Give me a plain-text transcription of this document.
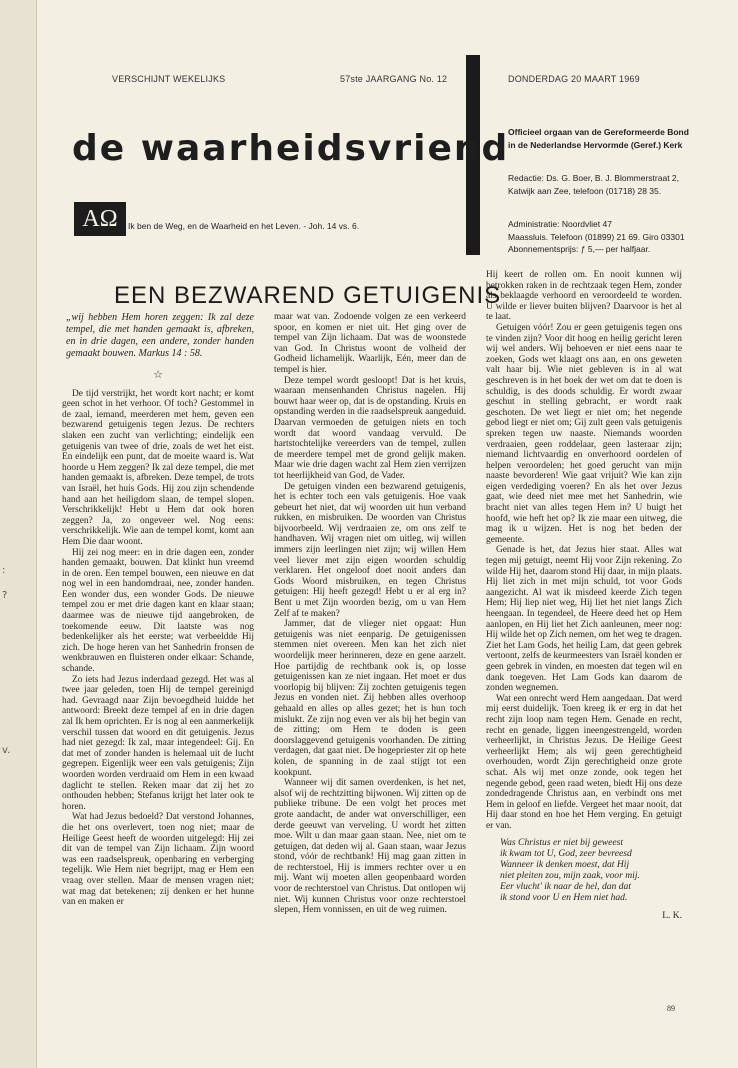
:
?
v.
VERSCHIJNT WEKELIJKS	57ste JAARGANG No. 12	DONDERDAG 20 MAART 1969
de waarheidsvriend
AΩ	Ik ben de Weg, en de Waarheid en het Leven. - Joh. 14 vs. 6.
Officieel orgaan van de Gereformeerde Bond
in de Nederlandse Hervormde (Geref.) Kerk
Redactie: Ds. G. Boer, B. J. Blommerstraat 2,
Katwijk aan Zee, telefoon (01718) 28 35.
Administratie: Noordvliet 47
Maassluis. Telefoon (01899) 21 69. Giro 03301
Abonnementsprijs: ƒ 5,— per halfjaar.
EEN BEZWAREND GETUIGENIS
„wij hebben Hem horen zeggen: Ik zal deze tempel, die met handen gemaakt is, afbreken, en in drie dagen, een andere, zonder handen gemaakt bouwen. Markus 14 : 58.
☆

De tijd verstrijkt, het wordt kort nacht; er komt geen schot in het verhoor. Of toch? Gestommel in de zaal, iemand, meerderen met hem, geven een bezwarend getuigenis tegen Jezus. De rechters slaken een zucht van verlichting; eindelijk een getuigenis van twee of drie, zoals de wet het eist. En eindelijk een punt, dat de moeite waard is. Wat hoorde u Hem zeggen? Ik zal deze tempel, die met handen gemaakt is, afbreken. Deze tempel, de trots van Israël, het huis Gods. Hij zou zijn schendende hand aan het heiligdom slaan, de tempel slopen. Verschrikkelijk! Hebt u Hem dat ook horen zeggen? Ja, zo ongeveer wel. Nog eens: verschrikkelijk. Wie aan de tempel komt, komt aan Hem Die daar woont.

Hij zei nog meer: en in drie dagen een, zonder handen gemaakt, bouwen. Dat klinkt hun vreemd in de oren. Een tempel bouwen, een nieuwe en dat nog wel in een handomdraai, nee, zonder handen. Een wonder dus, een wonder Gods. De nieuwe tempel zou er met drie dagen kant en klaar staan; daarmee was de nieuwe tijd aangebroken, de toekomende eeuw. Dit laatste was nog bedenkelijker als het eerste; wat verbeeldde Hij zich. De hoge heren van het Sanhedrin fronsen de wenkbrauwen en fluisteren onder elkaar: Schande, schande.

Zo iets had Jezus inderdaad gezegd. Het was al twee jaar geleden, toen Hij de tempel gereinigd had. Gevraagd naar Zijn bevoegdheid luidde het antwoord: Breekt deze tempel af en in drie dagen zal Ik hem oprichten. Er is nog al een aanmerkelijk verschil tussen dat woord en dit getuigenis. Jezus had niet gezegd: Ik zal, maar integendeel: Gij. En dat met of zonder handen is helemaal uit de lucht gegrepen. Eigenlijk weer een vals getuigenis; Zijn woorden worden verdraaid om Hem in een kwaad daglicht te stellen. Reken maar dat zij het zo onthouden hebben; Stefanus krijgt het later ook te horen.

Wat had Jezus bedoeld? Dat verstond Johannes, die het ons overlevert, toen nog niet; maar de Heilige Geest heeft de woorden uitgelegd: Hij zei dit van de tempel van Zijn lichaam. Zijn woord was een raadselspreuk, openbaring en verberging tegelijk. Wie Hem niet begrijpt, mag er Hem een vraag over stellen. Maar de mensen vragen niet; wat mag dat betekenen; zij denken er het hunne van en maken er

maar wat van. Zodoende volgen ze een verkeerd spoor, en komen er niet uit. Het ging over de tempel van Zijn lichaam. Dat was de woonstede van God. In Christus woont de volheid der Godheid lichamelijk. Waarlijk, Eén, meer dan de tempel is hier.

Deze tempel wordt gesloopt! Dat is het kruis, waaraan mensenhanden Christus nagelen. Hij bouwt haar weer op, dat is de opstanding. Kruis en opstanding werden in die raadselspreuk aangeduid. Daarvan vermoeden de getuigen niets en toch wordt dat woord vandaag vervuld. De hartstochtelijke vereerders van de tempel, zullen de meerdere tempel met de grond gelijk maken. Maar wie drie dagen wacht zal Hem zien verrijzen tot heerlijkheid van God, de Vader.

De getuigen vinden een bezwarend getuigenis, het is echter toch een vals getuigenis. Hoe vaak gebeurt het niet, dat wij woorden uit hun verband rukken, en misbruiken. De woorden van Christus bijvoorbeeld. Wij verdraaien ze, om ons zelf te handhaven. Wij vragen niet om uitleg, wij willen immers zijn leerlingen niet zijn; wij willen Hem veel liever met zijn eigen woorden schuldig verklaren. Het ongeloof doet nooit anders dan Gods Woord misbruiken, en tegen Christus getuigen: Hij heeft gezegd! Hebt u er al erg in? Bent u met Zijn woorden bezig, om u van Hem Zelf af te maken?

Jammer, dat de vlieger niet opgaat: Hun getuigenis was niet eenparig. De getuigenissen stemmen niet overeen. Men kan het zich niet woordelijk meer herinneren, deze en gene aarzelt. Hoe partijdig de rechtbank ook is, op losse getuigenissen kan ze niet ingaan. Het moet er dus voorlopig bij blijven: Zij zochten getuigenis tegen Jezus en vonden niet. Zij hebben alles overhoop gehaald en alles op alles gezet; het is hun toch mislukt. Ze zijn nog even ver als bij het begin van de zitting; om Hem te doden is geen doorslaggevend getuigenis voorhanden. De zitting verdagen, dat gaat niet. De hogepriester zit op hete kolen, de spanning in de zaal stijgt tot een kookpunt.

Wanneer wij dit samen overdenken, is het net, alsof wij de rechtzitting bijwonen. Wij zitten op de publieke tribune. De een volgt het proces met grote aandacht, de ander wat onverschilliger, een derde geeuwt van verveling. U wordt het zitten moe. Wilt u dan maar gaan staan. Nee, niet om te getuigen, dat deden wij al. Gaan staan, waar Jezus stond, vóór de rechtbank! Hij mag gaan zitten in de rechterstoel, Hij is immers rechter over u en mij. Want wij moeten allen geopenbaard worden voor de rechterstoel van Christus. Dat ontlopen wij niet. Wij kunnen Christus voor onze rechterstoel slepen, Hem vonnissen, en uit de weg ruimen.

Hij keert de rollen om. En nooit kunnen wij betrokken raken in de rechtzaak tegen Hem, zonder als beklaagde verhoord en veroordeeld te worden. U wilde er liever buiten blijven? Daarvoor is het al te laat.

Getuigen vóór! Zou er geen getuigenis tegen ons te vinden zijn? Voor dit hoog en heilig gericht leren wij wel anders. Wij behoeven er niet eens naar te zoeken, Gods wet klaagt ons aan, en ons geweten valt haar bij. Wie niet gebleven is in al wat geschreven is in het boek der wet om dat te doen is schuldig, is des doods schuldig. Er wordt zwaar geschut in stelling gebracht, er wordt raak geschoten. De wet liegt er niet om; het negende gebod liegt er niet om; Gij zult geen vals getuigenis spreken tegen uw naaste. Niemands woorden verdraaien, geen roddelaar, geen lasteraar zijn; niemand lichtvaardig en onverhoord oordelen of helpen veroordelen; het goed gerucht van mijn naaste bevorderen! Wie gaat vrijuit? Wie kan zijn eigen verdediging voeren? En als het over Jezus gaat, wie deed niet mee met het Sanhedrin, wie bracht niet van alles tegen Hem in? U buigt het hoofd, wie heft het op? Ik zie maar een uitweg, die mag ik u wijzen. Het is nog het beden der gemeente.

Genade is het, dat Jezus hier staat. Alles wat tegen mij getuigt, neemt Hij voor Zijn rekening. Zo wilde Hij het, daarom stond Hij daar, in mijn plaats. Hij liet zich in met mijn schuld, tot voor Gods aangezicht. Al wat ik misdeed keerde Zich tegen Hem; Hij liep niet weg, Hij liet het niet langs Zich heengaan. In tegendeel, de Heere deed het op Hem aanlopen, en Hij liet het Zich aanleunen, meer nog: Hij wilde het op Zich nemen, om het weg te dragen. Ziet het Lam Gods, het heilig Lam, dat geen gebrek vertoont, zelfs de keurmeesters van Israël konden er geen gebrek in vinden, en moesten dat tegen wil en dank toegeven. Het Lam Gods kan daarom de zonden wegnemen.

Wat een onrecht werd Hem aangedaan. Dat werd mij eerst duidelijk. Toen kreeg ik er erg in dat het recht zijn loop nam tegen Hem. Genade en recht, recht en genade, liggen ineengestrengeld, worden verheerlijkt, in Christus Jezus. De Heilige Geest verheerlijkt Hem; als wij geen gerechtigheid overhouden, wordt Zijn gerechtigheid onze grote schat. Als wij met onze zonde, ook tegen het negende gebod, geen raad weten, biedt Hij ons deze zondedragende Christus aan, en verbindt ons met Hem in geloof en liefde. Vergeet het maar nooit, dat Hij daar stond en hoe het Hem verging. En getuigt er van.

Was Christus er niet bij geweest
ik kwam tot U, God, zeer bevreesd
Wanneer ik denken moest, dat Hij
niet pleiten zou, mijn zaak, voor mij.
Eer vlucht' ik naar de hel, dan dat
ik stond voor U en Hem niet had.
L. K.
89
